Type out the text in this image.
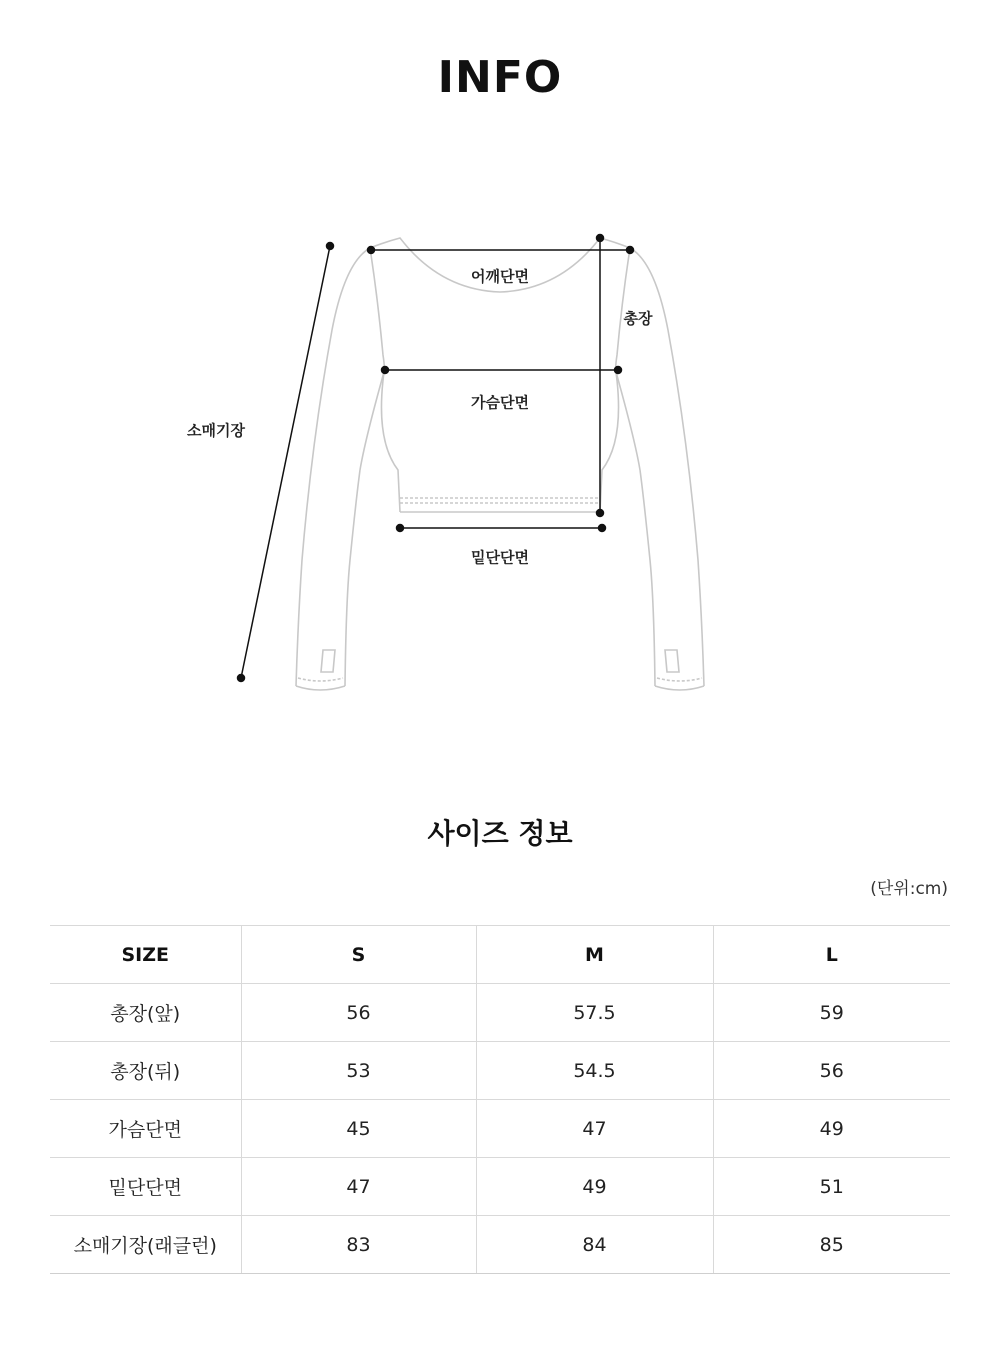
INFO
어깨단면
총장
가슴단면
소매기장
밑단단면
사이즈 정보
(단위:cm)
SIZE	S	M	L
총장(앞)	56	57.5	59
총장(뒤)	53	54.5	56
가슴단면	45	47	49
밑단단면	47	49	51
소매기장(래글런)	83	84	85
